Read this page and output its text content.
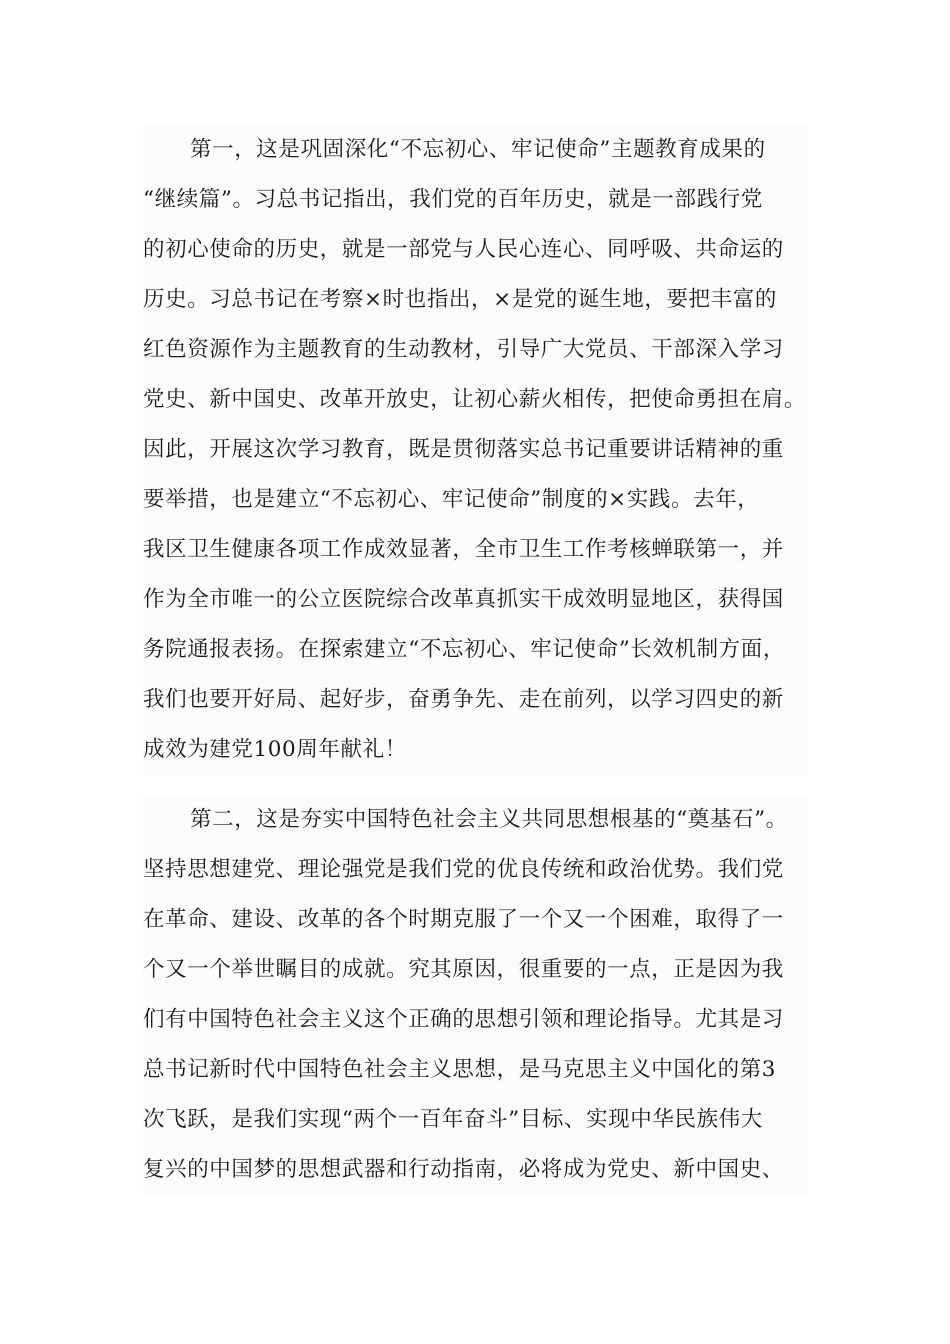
第一，这是巩固深化“不忘初心、牢记使命”主题教育成果的
“继续篇”。习总书记指出，我们党的百年历史，就是一部践行党
的初心使命的历史，就是一部党与人民心连心、同呼吸、共命运的
历史。习总书记在考察×时也指出，×是党的诞生地，要把丰富的
红色资源作为主题教育的生动教材，引导广大党员、干部深入学习
党史、新中国史、改革开放史，让初心薪火相传，把使命勇担在肩。
因此，开展这次学习教育，既是贯彻落实总书记重要讲话精神的重
要举措，也是建立“不忘初心、牢记使命”制度的×实践。去年，
我区卫生健康各项工作成效显著，全市卫生工作考核蝉联第一，并
作为全市唯一的公立医院综合改革真抓实干成效明显地区，获得国
务院通报表扬。在探索建立“不忘初心、牢记使命”长效机制方面，
我们也要开好局、起好步，奋勇争先、走在前列，以学习四史的新
成效为建党100周年献礼！
第二，这是夯实中国特色社会主义共同思想根基的“奠基石”。
坚持思想建党、理论强党是我们党的优良传统和政治优势。我们党
在革命、建设、改革的各个时期克服了一个又一个困难，取得了一
个又一个举世瞩目的成就。究其原因，很重要的一点，正是因为我
们有中国特色社会主义这个正确的思想引领和理论指导。尤其是习
总书记新时代中国特色社会主义思想，是马克思主义中国化的第3
次飞跃，是我们实现“两个一百年奋斗”目标、实现中华民族伟大
复兴的中国梦的思想武器和行动指南，必将成为党史、新中国史、
